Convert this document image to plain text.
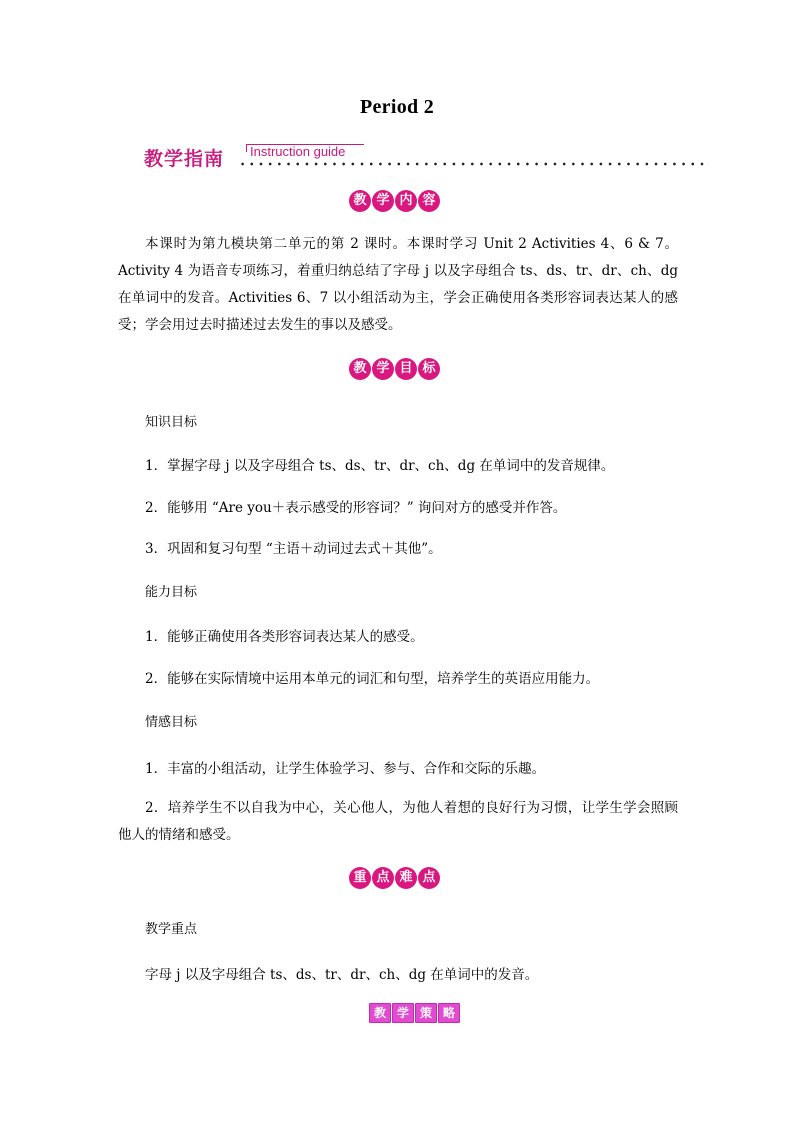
Period 2
教学指南 Instruction guide
教 学 内 容
本课时为第九模块第二单元的第 2 课时。本课时学习 Unit 2 Activities 4、6 & 7。Activity 4 为语音专项练习，着重归纳总结了字母 j 以及字母组合 ts、ds、tr、dr、ch、dg 在单词中的发音。Activities 6、7 以小组活动为主，学会正确使用各类形容词表达某人的感受；学会用过去时描述过去发生的事以及感受。
教 学 目 标
知识目标
1．掌握字母 j 以及字母组合 ts、ds、tr、dr、ch、dg 在单词中的发音规律。
2．能够用 “Are you＋表示感受的形容词？” 询问对方的感受并作答。
3．巩固和复习句型 “主语＋动词过去式＋其他”。
能力目标
1．能够正确使用各类形容词表达某人的感受。
2．能够在实际情境中运用本单元的词汇和句型，培养学生的英语应用能力。
情感目标
1．丰富的小组活动，让学生体验学习、参与、合作和交际的乐趣。
2．培养学生不以自我为中心，关心他人，为他人着想的良好行为习惯，让学生学会照顾他人的情绪和感受。
重 点 难 点
教学重点
字母 j 以及字母组合 ts、ds、tr、dr、ch、dg 在单词中的发音。
教 学 策 略
